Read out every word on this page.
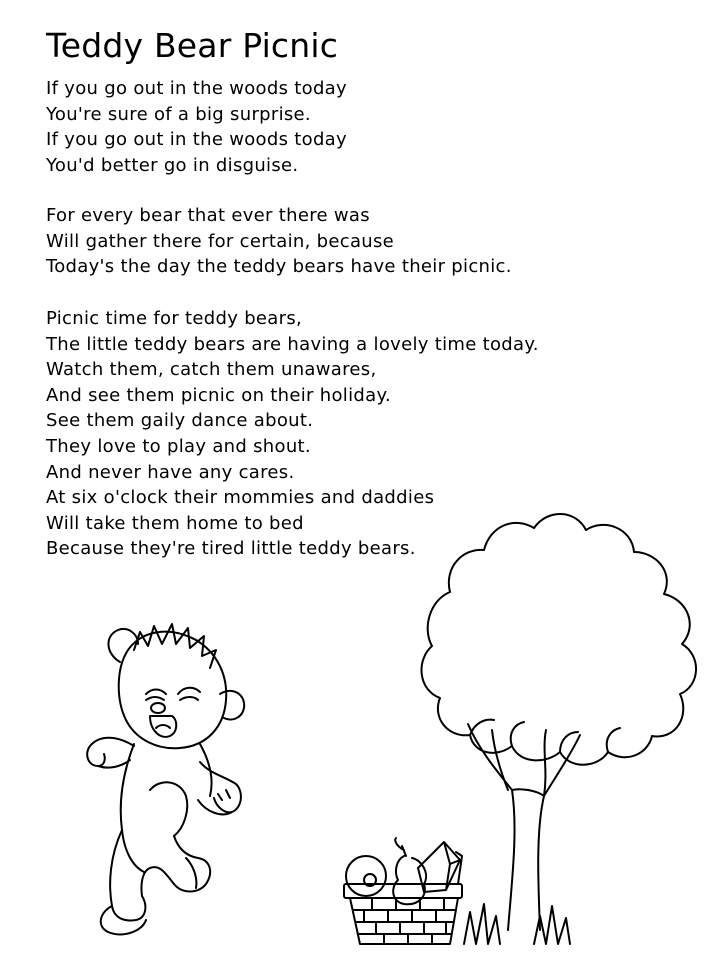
Teddy Bear Picnic
If you go out in the woods today
You're sure of a big surprise.
If you go out in the woods today
You'd better go in disguise.
For every bear that ever there was
Will gather there for certain, because
Today's the day the teddy bears have their picnic.
Picnic time for teddy bears,
The little teddy bears are having a lovely time today.
Watch them, catch them unawares,
And see them picnic on their holiday.
See them gaily dance about.
They love to play and shout.
And never have any cares.
At six o'clock their mommies and daddies
Will take them home to bed
Because they're tired little teddy bears.
